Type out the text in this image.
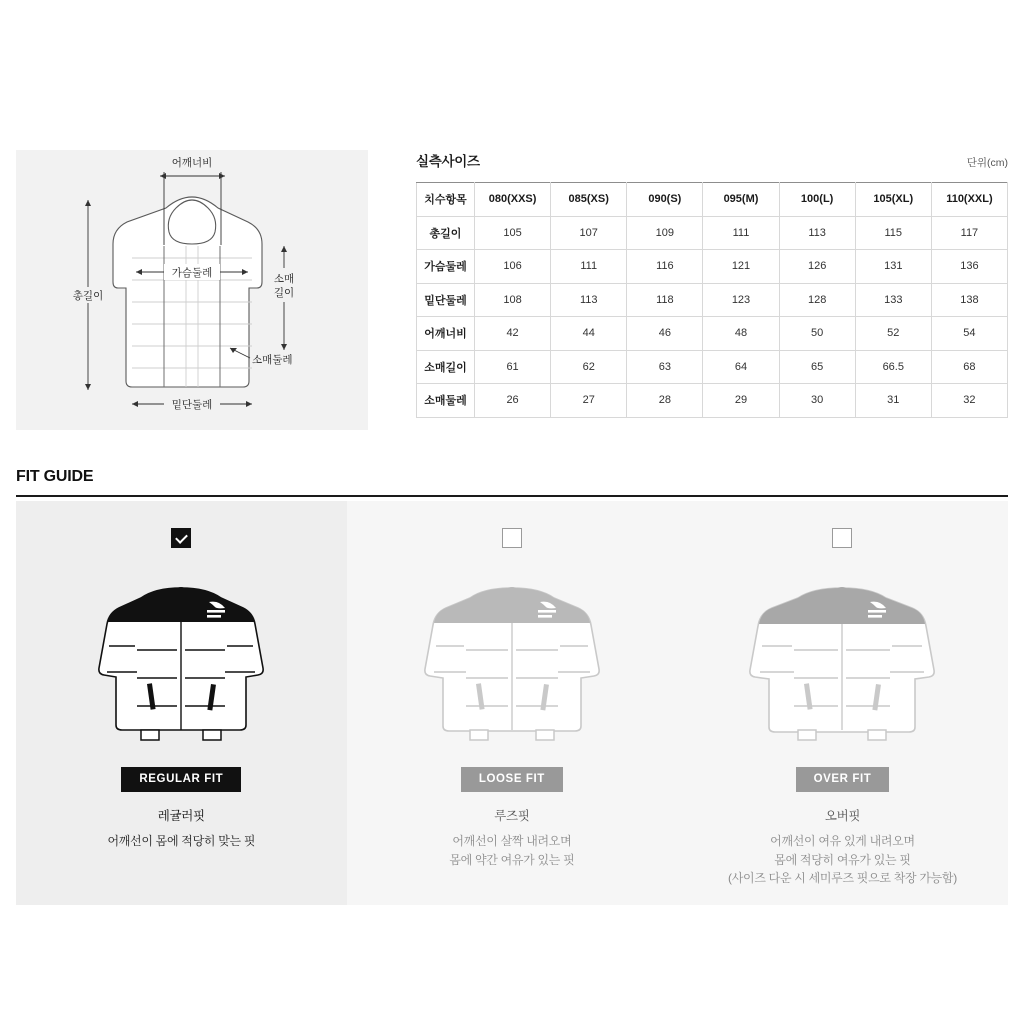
어깨너비
총길이
가슴둘레	소매
길이
소매둘레
밑단둘레
실측사이즈	단위(cm)
치수항목	080(XXS)	085(XS)	090(S)	095(M)	100(L)	105(XL)	110(XXL)
총길이	105	107	109	111	113	115	117
가슴둘레	106	111	116	121	126	131	136
밑단둘레	108	113	118	123	128	133	138
어깨너비	42	44	46	48	50	52	54
소매길이	61	62	63	64	65	66.5	68
소매둘레	26	27	28	29	30	31	32
FIT GUIDE
REGULAR FIT
레귤러핏
어깨선이 몸에 적당히 맞는 핏
LOOSE FIT
루즈핏
어깨선이 살짝 내려오며
몸에 약간 여유가 있는 핏
OVER FIT
오버핏
어깨선이 여유 있게 내려오며
몸에 적당히 여유가 있는 핏
(사이즈 다운 시 세미루즈 핏으로 착장 가능함)
